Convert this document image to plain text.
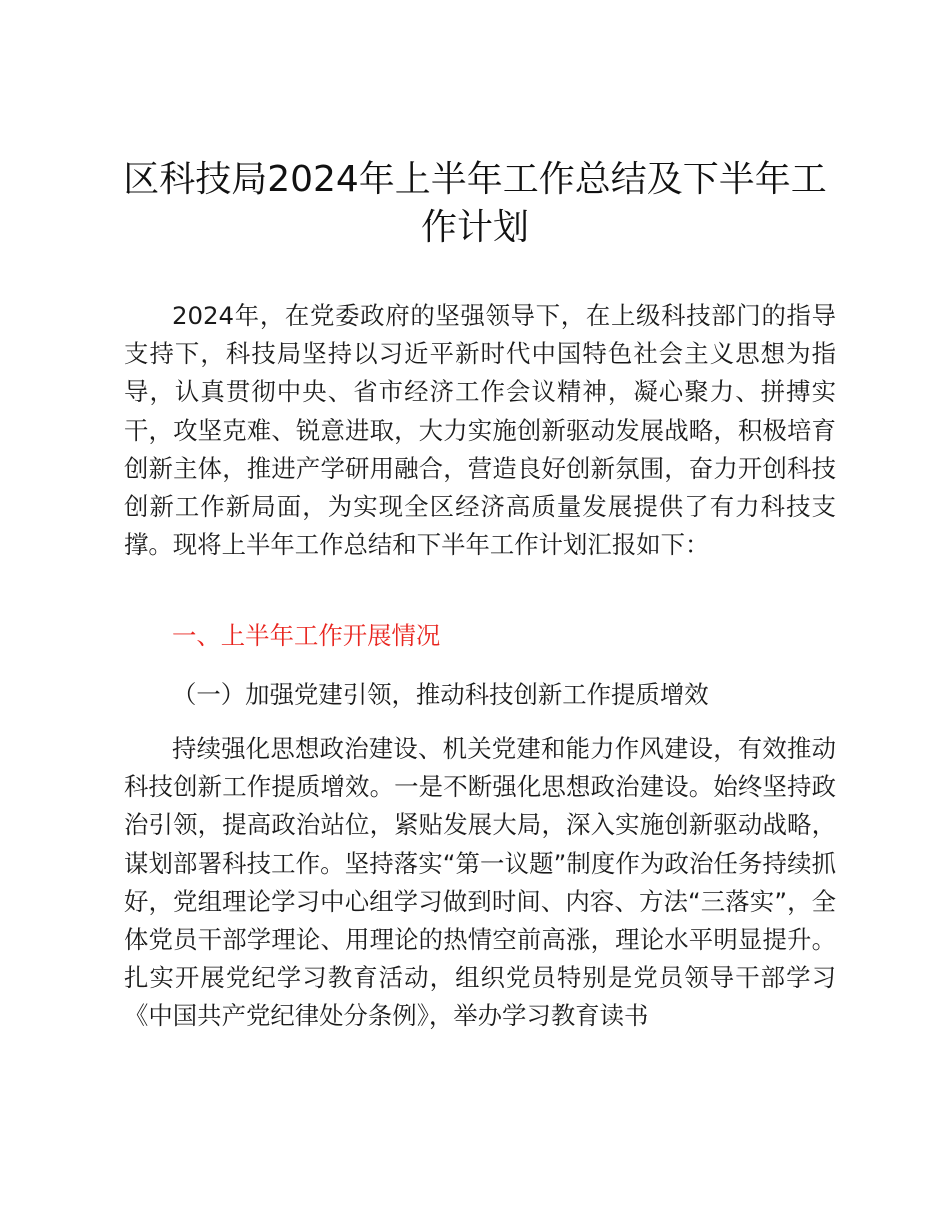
区科技局2024年上半年工作总结及下半年工作计划

2024年，在党委政府的坚强领导下，在上级科技部门的指导支持下，科技局坚持以习近平新时代中国特色社会主义思想为指导，认真贯彻中央、省市经济工作会议精神，凝心聚力、拼搏实干，攻坚克难、锐意进取，大力实施创新驱动发展战略，积极培育创新主体，推进产学研用融合，营造良好创新氛围，奋力开创科技创新工作新局面，为实现全区经济高质量发展提供了有力科技支撑。现将上半年工作总结和下半年工作计划汇报如下：

一、上半年工作开展情况
（一）加强党建引领，推动科技创新工作提质增效

持续强化思想政治建设、机关党建和能力作风建设，有效推动科技创新工作提质增效。一是不断强化思想政治建设。始终坚持政治引领，提高政治站位，紧贴发展大局，深入实施创新驱动战略，谋划部署科技工作。坚持落实“第一议题”制度作为政治任务持续抓好，党组理论学习中心组学习做到时间、内容、方法“三落实”，全体党员干部学理论、用理论的热情空前高涨，理论水平明显提升。扎实开展党纪学习教育活动，组织党员特别是党员领导干部学习《中国共产党纪律处分条例》，举办学习教育读书
